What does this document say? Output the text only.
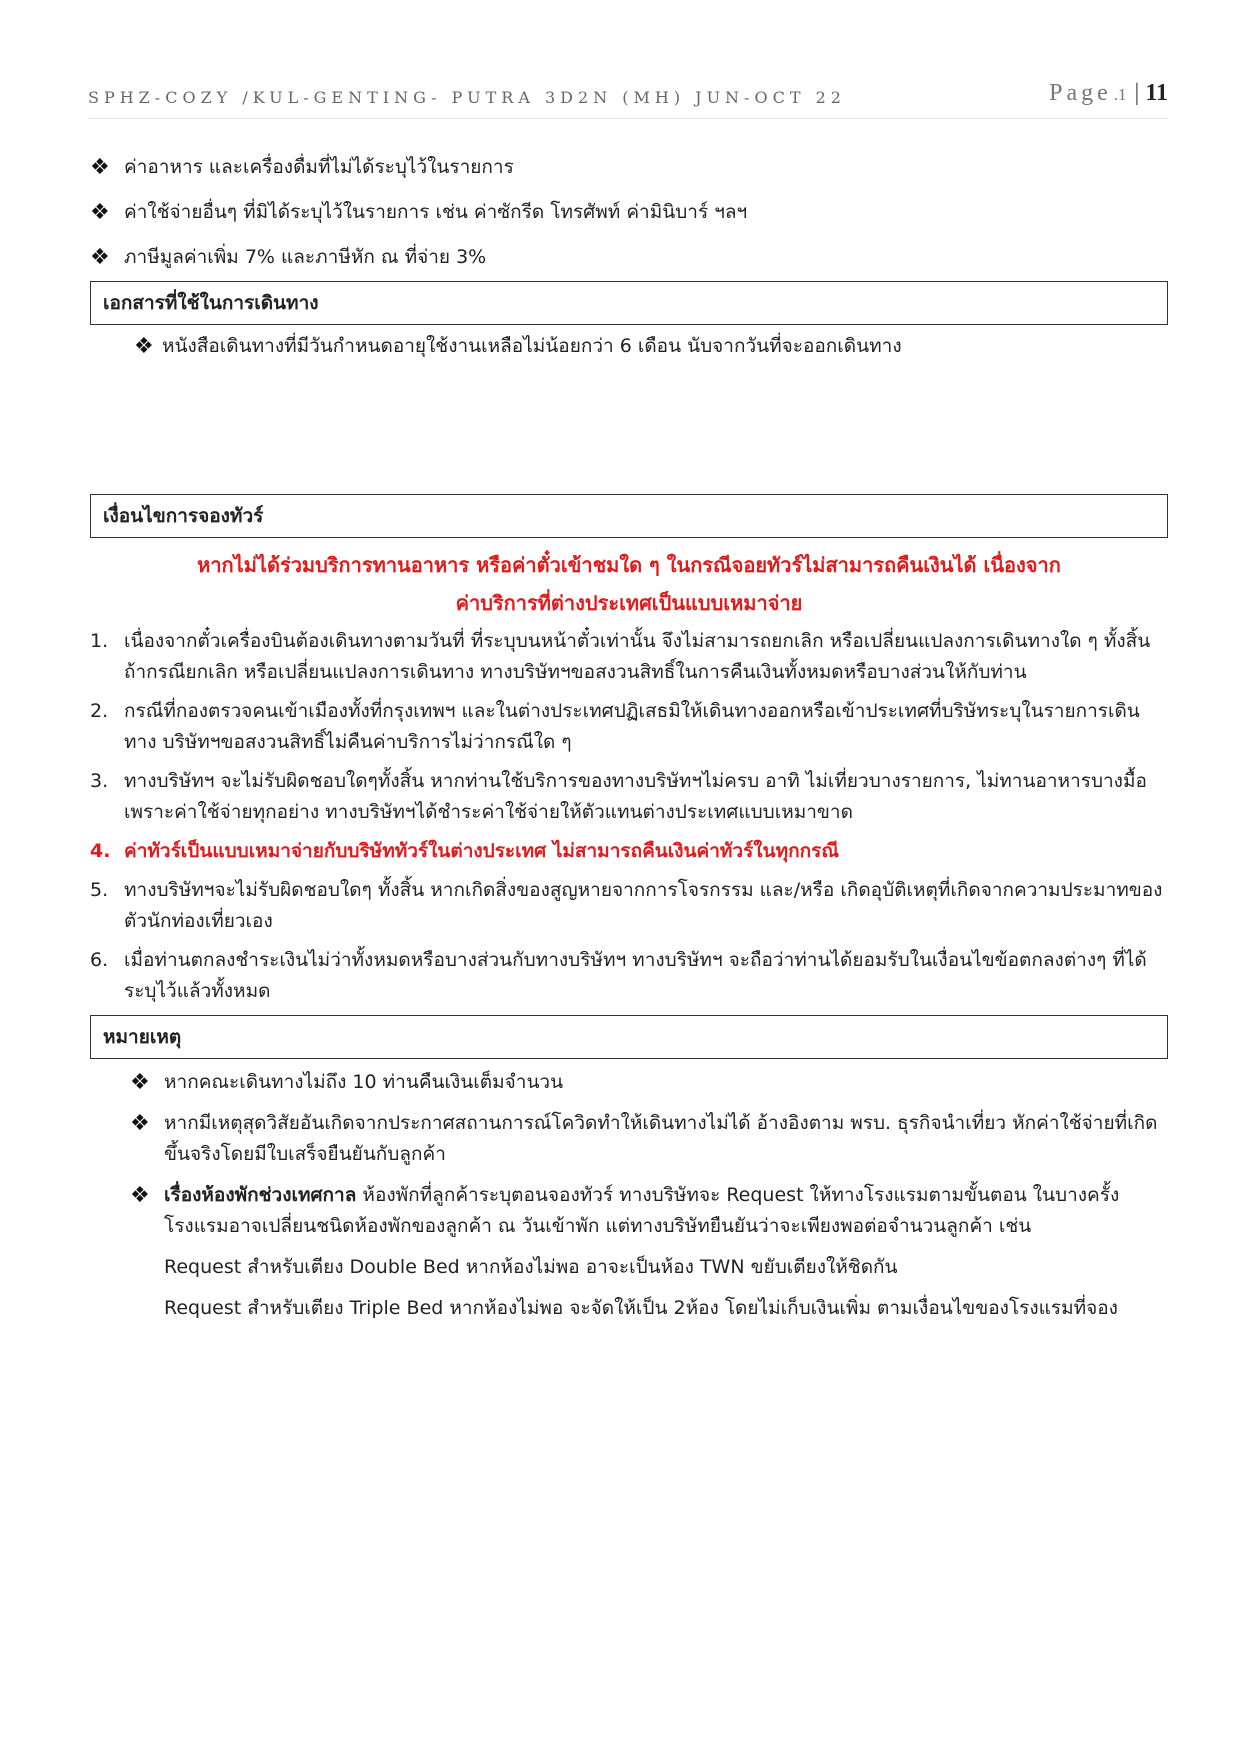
SPHZ-COZY /KUL-GENTING- PUTRA 3D2N (MH) JUN-OCT 22	Page .1 | 11
❖ ค่าอาหาร และเครื่องดื่มที่ไม่ได้ระบุไว้ในรายการ
❖ ค่าใช้จ่ายอื่นๆ ที่มิได้ระบุไว้ในรายการ เช่น ค่าซักรีด โทรศัพท์ ค่ามินิบาร์ ฯลฯ
❖ ภาษีมูลค่าเพิ่ม 7% และภาษีหัก ณ ที่จ่าย 3%
เอกสารที่ใช้ในการเดินทาง
❖ หนังสือเดินทางที่มีวันกำหนดอายุใช้งานเหลือไม่น้อยกว่า 6 เดือน นับจากวันที่จะออกเดินทาง
เงื่อนไขการจองทัวร์
หากไม่ได้ร่วมบริการทานอาหาร หรือค่าตั๋วเข้าชมใด ๆ ในกรณีจอยทัวร์ไม่สามารถคืนเงินได้ เนื่องจาก
ค่าบริการที่ต่างประเทศเป็นแบบเหมาจ่าย
1. เนื่องจากตั๋วเครื่องบินต้องเดินทางตามวันที่ ที่ระบุบนหน้าตั๋วเท่านั้น จึงไม่สามารถยกเลิก หรือเปลี่ยนแปลงการเดินทางใด ๆ ทั้งสิ้น ถ้ากรณียกเลิก หรือเปลี่ยนแปลงการเดินทาง ทางบริษัทฯขอสงวนสิทธิ์ในการคืนเงินทั้งหมดหรือบางส่วนให้กับท่าน
2. กรณีที่กองตรวจคนเข้าเมืองทั้งที่กรุงเทพฯ และในต่างประเทศปฏิเสธมิให้เดินทางออกหรือเข้าประเทศที่บริษัทระบุในรายการเดินทาง บริษัทฯขอสงวนสิทธิ์ไม่คืนค่าบริการไม่ว่ากรณีใด ๆ
3. ทางบริษัทฯ จะไม่รับผิดชอบใดๆทั้งสิ้น หากท่านใช้บริการของทางบริษัทฯไม่ครบ อาทิ ไม่เที่ยวบางรายการ, ไม่ทานอาหารบางมื้อ เพราะค่าใช้จ่ายทุกอย่าง ทางบริษัทฯได้ชำระค่าใช้จ่ายให้ตัวแทนต่างประเทศแบบเหมาขาด
4. ค่าทัวร์เป็นแบบเหมาจ่ายกับบริษัททัวร์ในต่างประเทศ ไม่สามารถคืนเงินค่าทัวร์ในทุกกรณี
5. ทางบริษัทฯจะไม่รับผิดชอบใดๆ ทั้งสิ้น หากเกิดสิ่งของสูญหายจากการโจรกรรม และ/หรือ เกิดอุบัติเหตุที่เกิดจากความประมาทของตัวนักท่องเที่ยวเอง
6. เมื่อท่านตกลงชำระเงินไม่ว่าทั้งหมดหรือบางส่วนกับทางบริษัทฯ ทางบริษัทฯ จะถือว่าท่านได้ยอมรับในเงื่อนไขข้อตกลงต่างๆ ที่ได้ระบุไว้แล้วทั้งหมด
หมายเหตุ
❖ หากคณะเดินทางไม่ถึง 10 ท่านคืนเงินเต็มจำนวน
❖ หากมีเหตุสุดวิสัยอันเกิดจากประกาศสถานการณ์โควิดทำให้เดินทางไม่ได้ อ้างอิงตาม พรบ. ธุรกิจนำเที่ยว หักค่าใช้จ่ายที่เกิดขึ้นจริงโดยมีใบเสร็จยืนยันกับลูกค้า
❖ เรื่องห้องพักช่วงเทศกาล ห้องพักที่ลูกค้าระบุตอนจองทัวร์ ทางบริษัทจะ Request ให้ทางโรงแรมตามขั้นตอน ในบางครั้งโรงแรมอาจเปลี่ยนชนิดห้องพักของลูกค้า ณ วันเข้าพัก แต่ทางบริษัทยืนยันว่าจะเพียงพอต่อจำนวนลูกค้า เช่น
Request สำหรับเตียง Double Bed หากห้องไม่พอ อาจะเป็นห้อง TWN ขยับเตียงให้ชิดกัน
Request สำหรับเตียง Triple Bed หากห้องไม่พอ จะจัดให้เป็น 2ห้อง โดยไม่เก็บเงินเพิ่ม ตามเงื่อนไขของโรงแรมที่จอง
